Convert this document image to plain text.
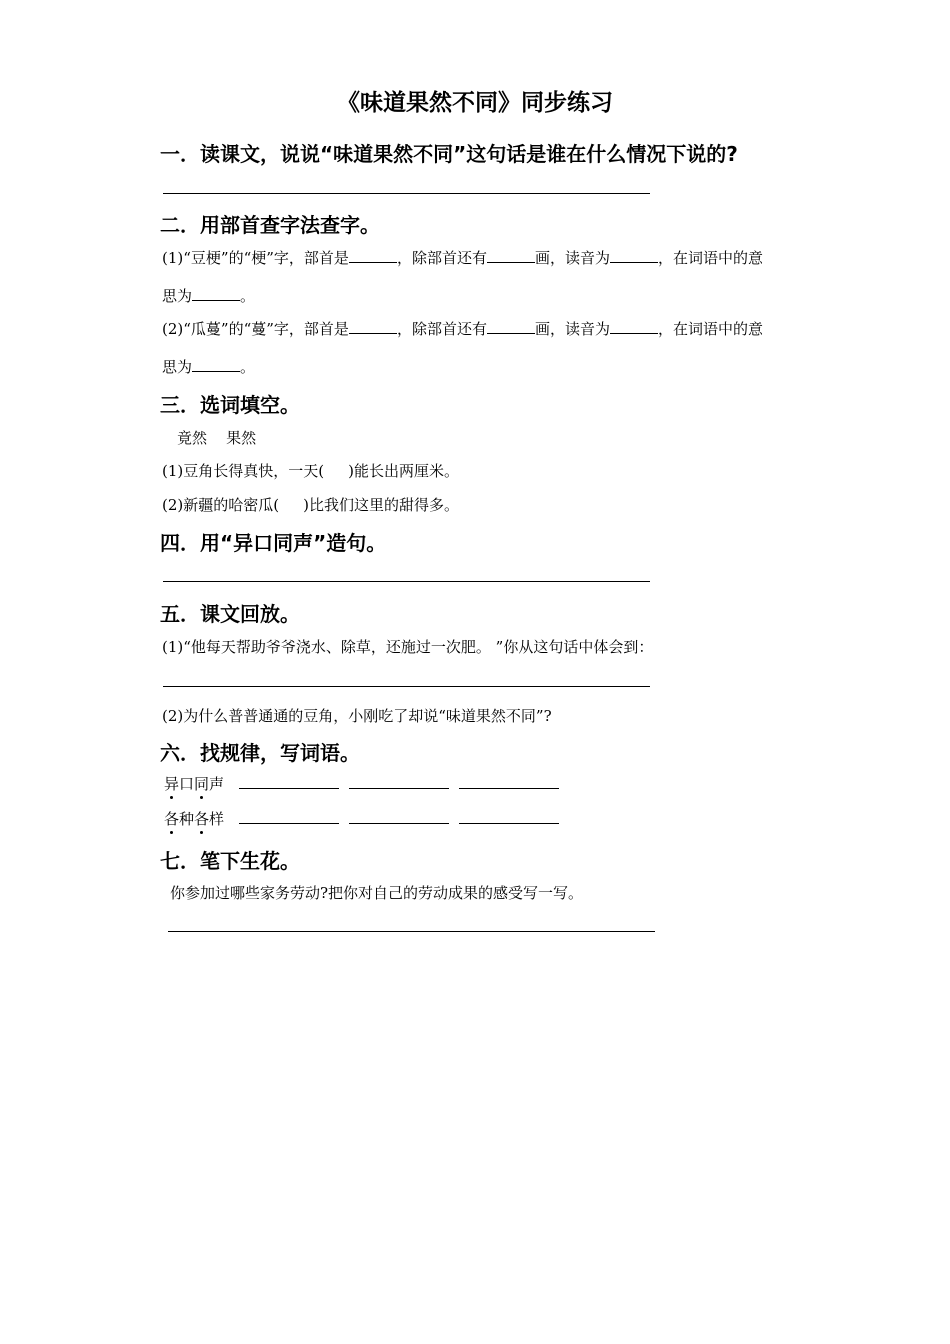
《味道果然不同》同步练习
一．读课文，说说“味道果然不同”这句话是谁在什么情况下说的?
二．用部首查字法查字。
(1)“豆梗”的“梗”字，部首是	，除部首还有	画，读音为	，在词语中的意
思为	。
(2)“瓜蔓”的“蔓”字，部首是	，除部首还有	画，读音为	，在词语中的意
思为	。
三．选词填空。
竟然    果然
(1)豆角长得真快，一天( )能长出两厘米。
(2)新疆的哈密瓜( )比我们这里的甜得多。
四．用“异口同声”造句。
五．课文回放。
(1)“他每天帮助爷爷浇水、除草，还施过一次肥。 ”你从这句话中体会到：
(2)为什么普普通通的豆角，小刚吃了却说“味道果然不同”?
六．找规律，写词语。
异口同声
各种各样
七．笔下生花。
你参加过哪些家务劳动?把你对自己的劳动成果的感受写一写。
